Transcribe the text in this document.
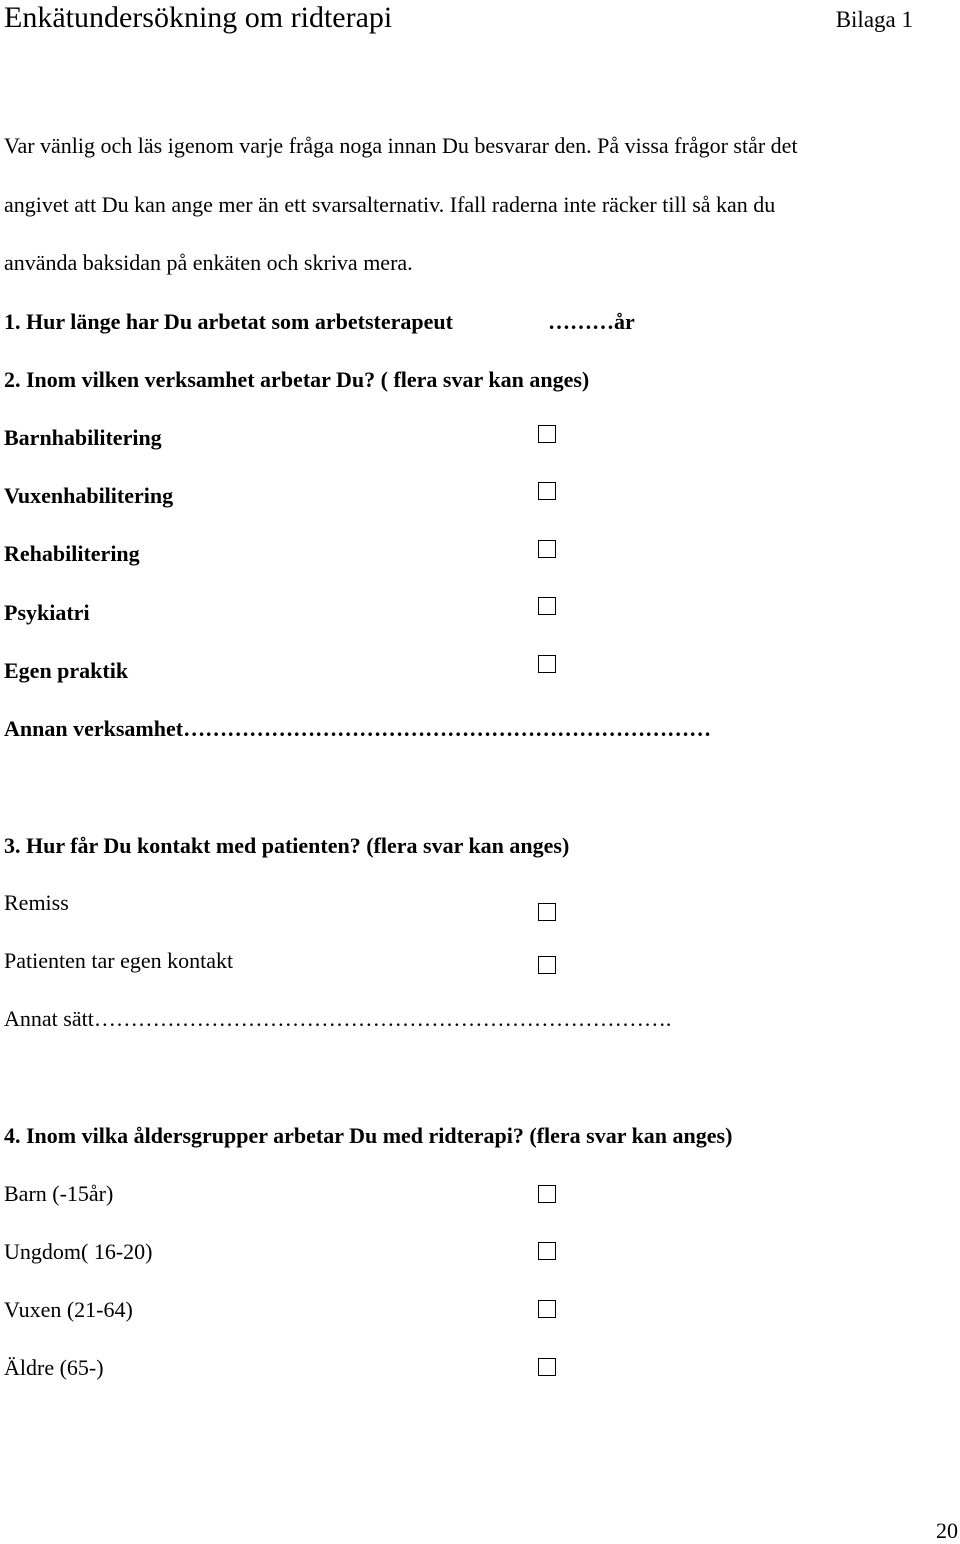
Enkätundersökning om ridterapi	Bilaga 1
Var vänlig och läs igenom varje fråga noga innan Du besvarar den. På vissa frågor står det
angivet att Du kan ange mer än ett svarsalternativ. Ifall raderna inte räcker till så kan du
använda baksidan på enkäten och skriva mera.
1. Hur länge har Du arbetat som arbetsterapeut	………år
2. Inom vilken verksamhet arbetar Du? ( flera svar kan anges)
Barnhabilitering
Vuxenhabilitering
Rehabilitering
Psykiatri
Egen praktik
Annan verksamhet………………………………………………………………
3. Hur får Du kontakt med patienten? (flera svar kan anges)
Remiss
Patienten tar egen kontakt
Annat sätt…………………………………………………………………….
4. Inom vilka åldersgrupper arbetar Du med ridterapi? (flera svar kan anges)
Barn (-15år)
Ungdom( 16-20)
Vuxen (21-64)
Äldre (65-)
20
